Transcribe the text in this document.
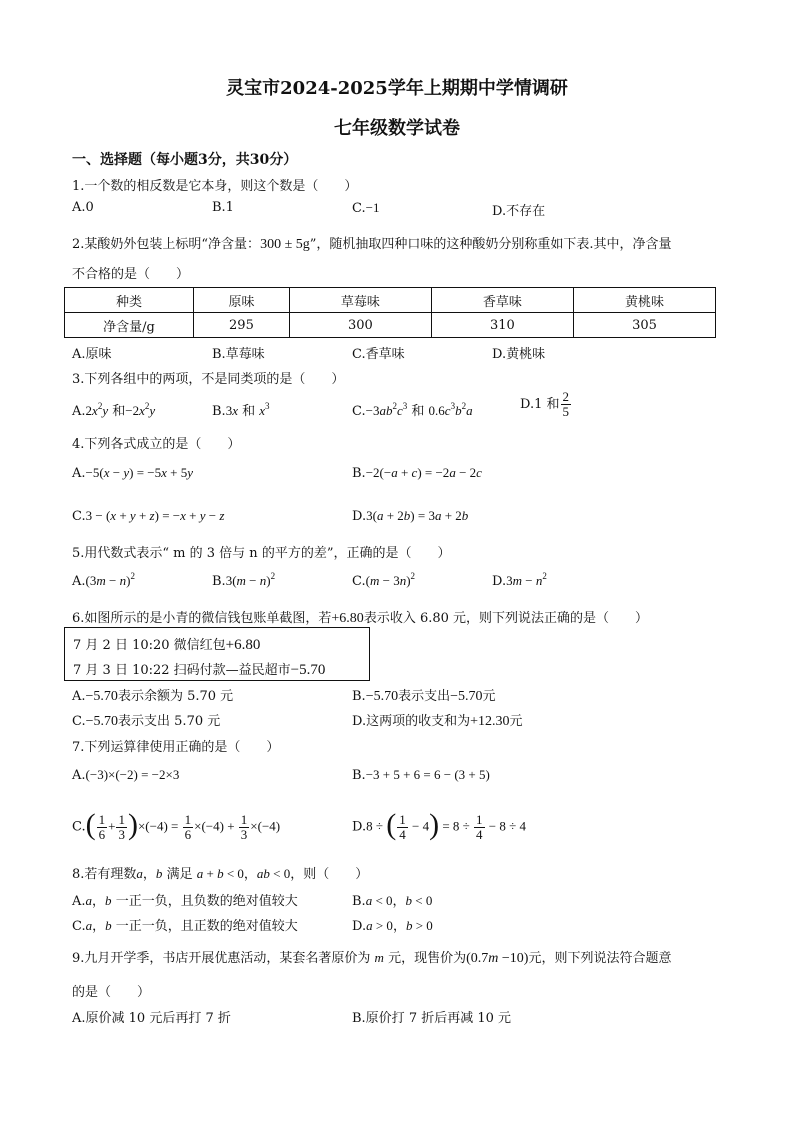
灵宝市2024-2025学年上期期中学情调研
七年级数学试卷
一、选择题（每小题3分，共30分）
1.一个数的相反数是它本身，则这个数是（　　）
A.0	B.1	C.−1	D.不存在
2.某酸奶外包装上标明“净含量：300 ± 5g”，随机抽取四种口味的这种酸奶分别称重如下表.其中，净含量
不合格的是（　　）
种类	原味	草莓味	香草味	黄桃味
净含量/g	295	300	310	305
A.原味	B.草莓味	C.香草味	D.黄桃味
3.下列各组中的两项，不是同类项的是（　　）
$A.2x^2y$ 和$-2x^2y$	B.3x 和 $x^3$	$C.-3ab^2c^3$ 和 $0.6c^3b^2a$	D.1 和 $\frac{2}{5}$
4.下列各式成立的是（　　）
A.−5(x − y) = −5x + 5y	B.−2(−a + c) = −2a − 2c
C.3 − (x + y + z) = −x + y − z	D.3(a + 2b) = 3a + 2b
5.用代数式表示“ m 的 3 倍与 n 的平方的差”，正确的是（　　）
$A.(3m - n)^2$	$B.3(m - n)^2$	$C.(m - 3n)^2$	$D.3m - n^2$
6.如图所示的是小青的微信钱包账单截图，若+6.80表示收入 6.80 元，则下列说法正确的是（　　）
7 月 2 日 10:20 微信红包+6.80
7 月 3 日 10:22 扫码付款—益民超市−5.70
A.−5.70表示余额为 5.70 元	B.−5.70表示支出−5.70元
C.−5.70表示支出 5.70 元	D.这两项的收支和为+12.30元
7.下列运算律使用正确的是（　　）
A.(−3)×(−2) = −2×3	B.−3 + 5 + 6 = 6 − (3 + 5)
$C.( \frac{1}{6} + \frac{1}{3} )\times(-4) = \frac{1}{6} \times(-4) + \frac{1}{3} \times(-4)$	D.8 ÷ ( $\frac{1}{4} - 4) = 8 \div \frac{1}{4} - 8 \div 4$
8.若有理数a，b 满足 a + b < 0，ab < 0，则（　　）
A.a，b 一正一负，且负数的绝对值较大	B.a < 0，b < 0
C.a，b 一正一负，且正数的绝对值较大	D.a > 0，b > 0
9.九月开学季，书店开展优惠活动，某套名著原价为 m 元，现售价为(0.7m −10)元，则下列说法符合题意
的是（　　）
A.原价减 10 元后再打 7 折	B.原价打 7 折后再减 10 元
